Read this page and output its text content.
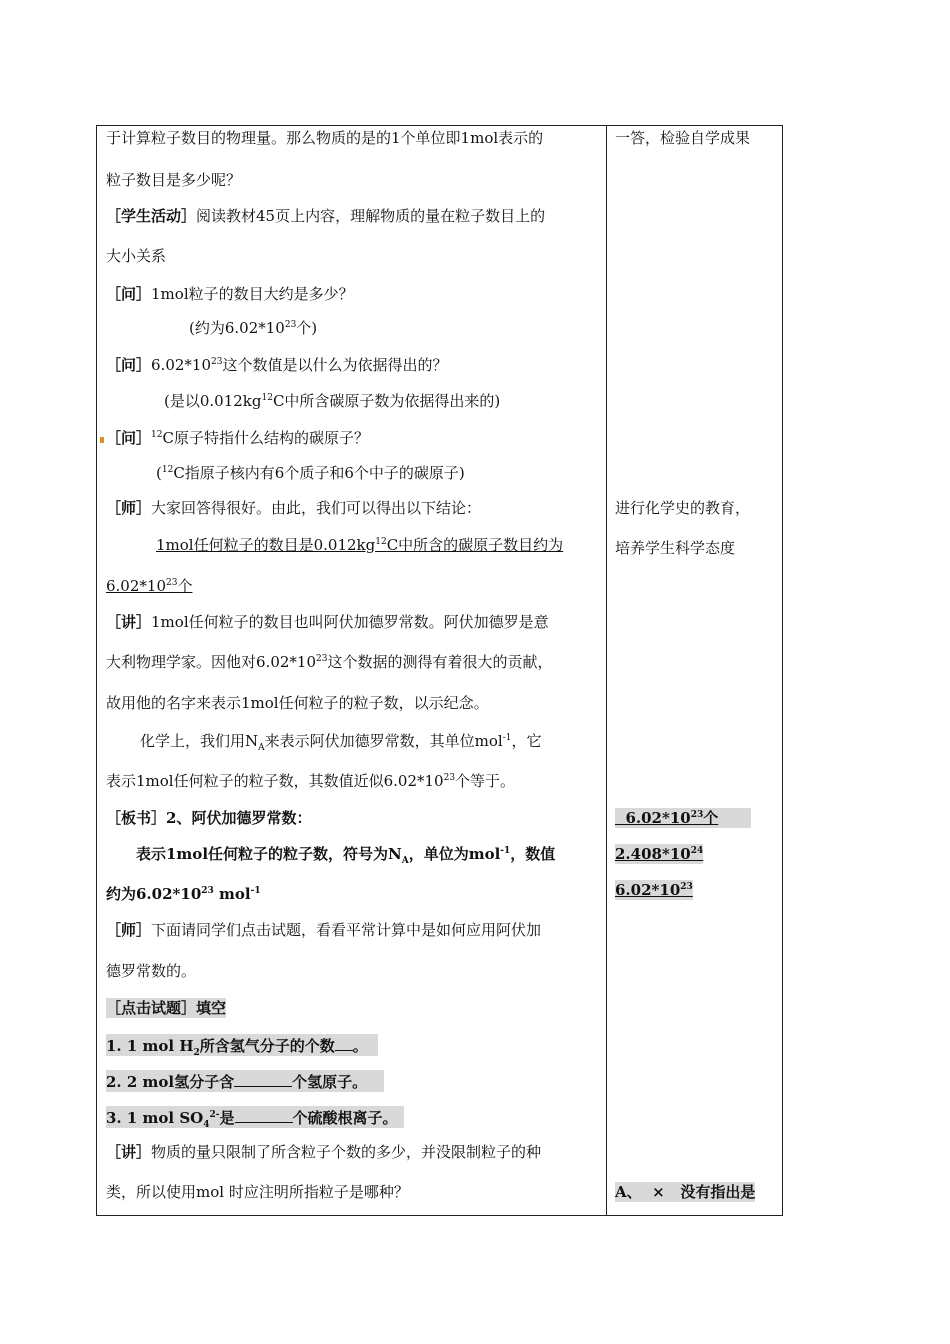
于计算粒子数目的物理量。那么物质的是的1个单位即1mol表示的
粒子数目是多少呢？
［学生活动］阅读教材45页上内容，理解物质的量在粒子数目上的
大小关系
［问］1mol粒子的数目大约是多少？
(约为$6.02*10^{23}$个)
［问$]6.02*10^{23}$这个数值是以什么为依据得出的？
(是以$0.012kg^{12}C$中所含碳原子数为依据得出来的)
［问］$^{12}$C原子特指什么结构的碳原子？
($^{12}$C指原子核内有6个质子和6个中子的碳原子)
［师］大家回答得很好。由此，我们可以得出以下结论：
1mol任何粒子的数目是$0.012kg^{12}C$中所含的碳原子数目约为
$6.02*10^{23}$个
［讲］1mol任何粒子的数目也叫阿伏加德罗常数。阿伏加德罗是意
大利物理学家。因他对$6.02*10^{23}$这个数据的测得有着很大的贡献，
故用他的名字来表示1mol任何粒子的粒子数，以示纪念。
化学上，我们用$N_A$来表示阿伏加德罗常数，其单位mol$^{-1}$，它
表示1mol任何粒子的粒子数，其数值近似$6.02*10^{23}$个等于。
［板书］2、阿伏加德罗常数：
表示1mol任何粒子的粒子数，符号为$N_A$，单位为mol$^{-1}$，数值
约为$6.02*10^{23}$ mol$^{-1}$
［师］下面请同学们点击试题，看看平常计算中是如何应用阿伏加
德罗常数的。
［点击试题］填空
1. 1 mol $H_2$所含氢气分子的个数 。
2. 2 mol氢分子含	个氢原子。
3. 1 mol $SO_4^{2-}$是	个硫酸根离子。
［讲］物质的量只限制了所含粒子个数的多少，并没限制粒子的种
类，所以使用mol 时应注明所指粒子是哪种？
一答，检验自学成果
进行化学史的教育，
培养学生科学态度
$6.02*10^{23}$个
$2.408*10^{24}$
$6.02*10^{23}$
A、  ×   没有指出是
